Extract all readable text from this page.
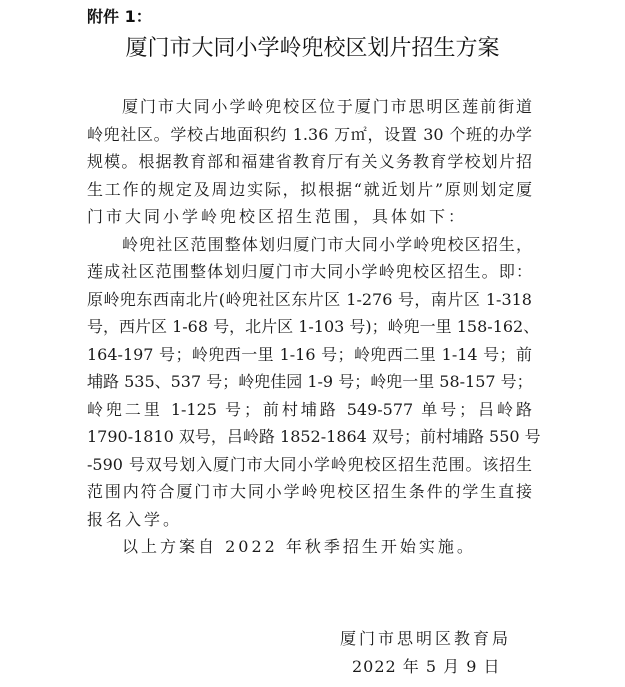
附件 1：
厦门市大同小学岭兜校区划片招生方案
厦门市大同小学岭兜校区位于厦门市思明区莲前街道
岭兜社区。学校占地面积约 1.36 万㎡，设置 30 个班的办学
规模。根据教育部和福建省教育厅有关义务教育学校划片招
生工作的规定及周边实际，拟根据“就近划片”原则划定厦
门市大同小学岭兜校区招生范围，具体如下：
岭兜社区范围整体划归厦门市大同小学岭兜校区招生，
莲成社区范围整体划归厦门市大同小学岭兜校区招生。即：
原岭兜东西南北片(岭兜社区东片区 1-276 号，南片区 1-318
号，西片区 1-68 号，北片区 1-103 号)；岭兜一里 158-162、
164-197 号；岭兜西一里 1-16 号；岭兜西二里 1-14 号；前
埔路 535、537 号；岭兜佳园 1-9 号；岭兜一里 58-157 号；
岭兜二里 1-125 号；前村埔路 549-577 单号；吕岭路
1790-1810 双号，吕岭路 1852-1864 双号；前村埔路 550 号
-590 号双号划入厦门市大同小学岭兜校区招生范围。该招生
范围内符合厦门市大同小学岭兜校区招生条件的学生直接
报名入学。
以上方案自 2022 年秋季招生开始实施。
厦门市思明区教育局
2022 年 5 月 9 日
